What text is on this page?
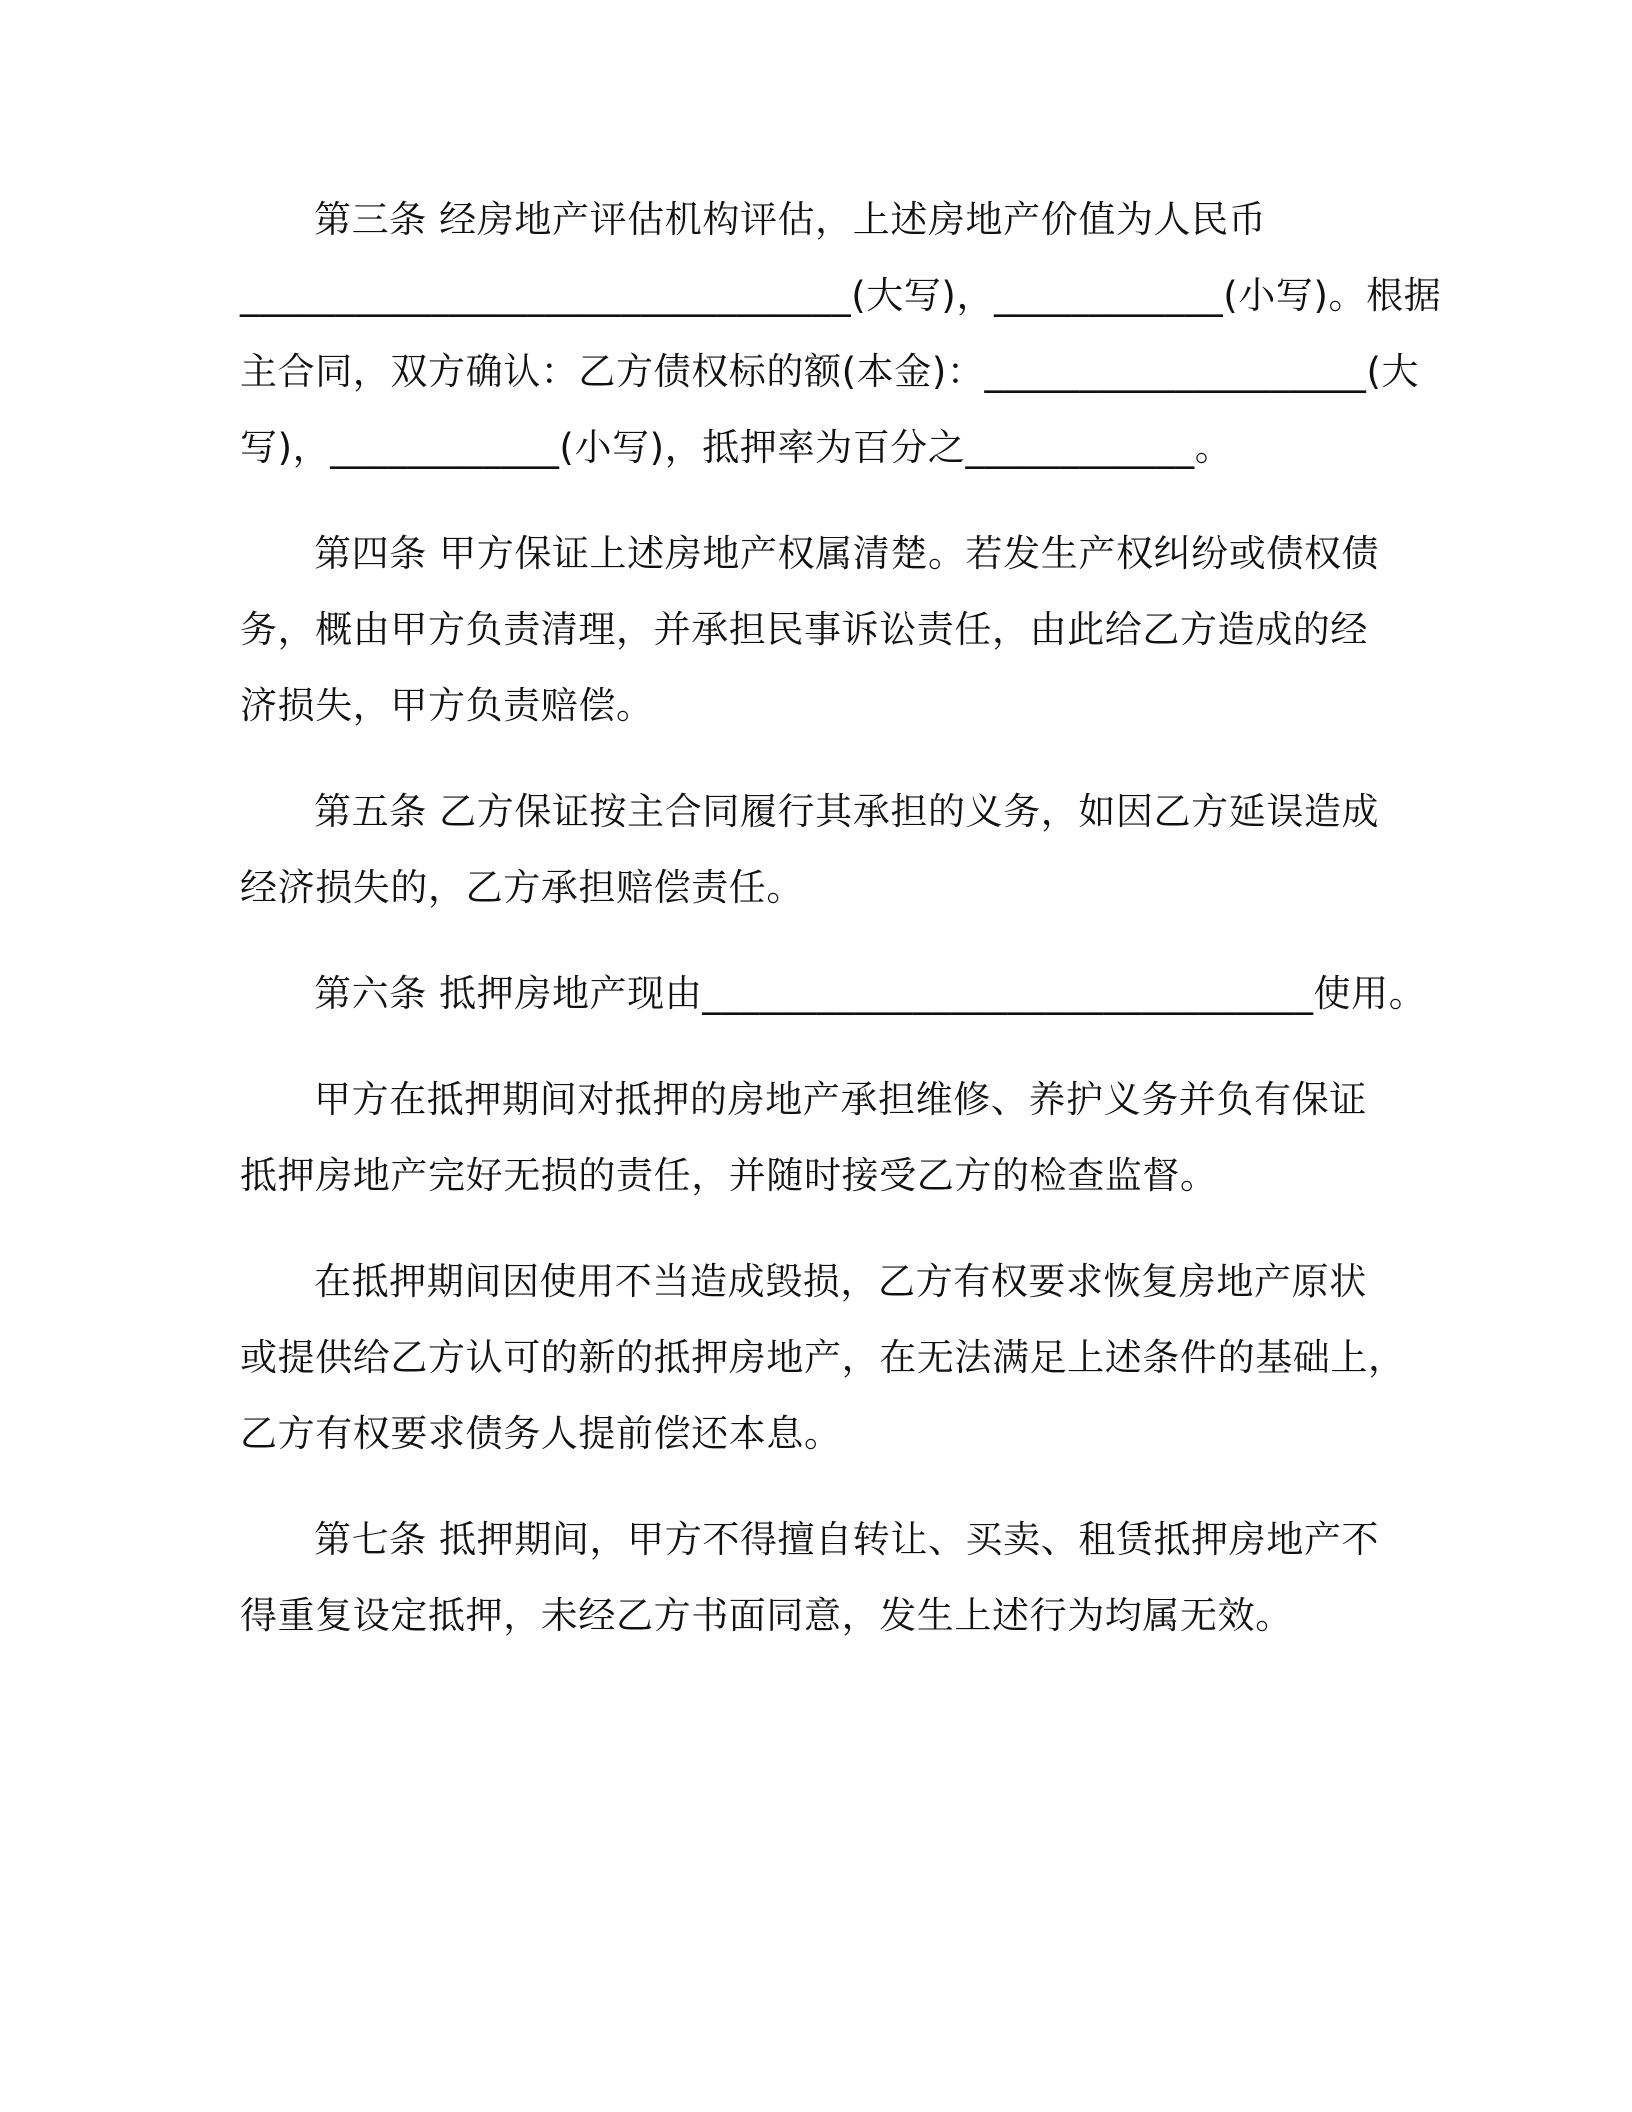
第三条 经房地产评估机构评估，上述房地产价值为人民币
________________________________(大写)，____________(小写)。根据
主合同，双方确认：乙方债权标的额(本金)：____________________(大
写)，____________(小写)，抵押率为百分之____________。
第四条 甲方保证上述房地产权属清楚。若发生产权纠纷或债权债
务，概由甲方负责清理，并承担民事诉讼责任，由此给乙方造成的经
济损失，甲方负责赔偿。
第五条 乙方保证按主合同履行其承担的义务，如因乙方延误造成
经济损失的，乙方承担赔偿责任。
第六条 抵押房地产现由________________________________使用。
甲方在抵押期间对抵押的房地产承担维修、养护义务并负有保证
抵押房地产完好无损的责任，并随时接受乙方的检查监督。
在抵押期间因使用不当造成毁损，乙方有权要求恢复房地产原状
或提供给乙方认可的新的抵押房地产，在无法满足上述条件的基础上，
乙方有权要求债务人提前偿还本息。
第七条 抵押期间，甲方不得擅自转让、买卖、租赁抵押房地产不
得重复设定抵押，未经乙方书面同意，发生上述行为均属无效。
